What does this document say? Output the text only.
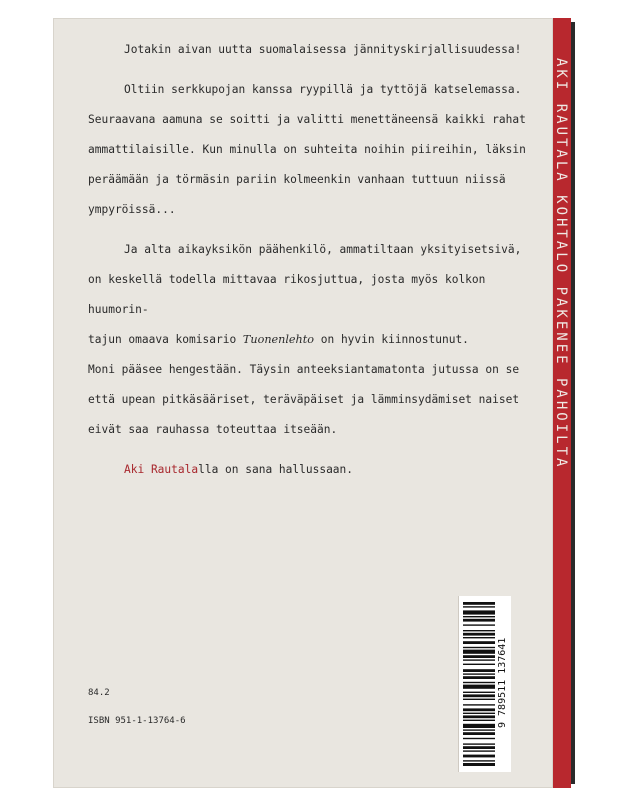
AKI RAUTALA KOHTALO PAKENEE PAHOILTA

Jotakin aivan uutta suomalaisessa jännityskirjallisuudessa!

Oltiin serkkupojan kanssa ryypillä ja tyttöjä katselemassa.
Seuraavana aamuna se soitti ja valitti menettäneensä kaikki rahat
ammattilaisille. Kun minulla on suhteita noihin piireihin, läksin
peräämään ja törmäsin pariin kolmeenkin vanhaan tuttuun niissä
ympyröissä...

Ja alta aikayksikön päähenkilö, ammatiltaan yksityisetsivä,
on keskellä todella mittavaa rikosjuttua, josta myös kolkon huumorin-
tajun omaava komisario Tuonenlehto on hyvin kiinnostunut.

Moni pääsee hengestään. Täysin anteeksiantamatonta jutussa on se
että upean pitkäsääriset, teräväpäiset ja lämminsydämiset naiset
eivät saa rauhassa toteuttaa itseään.

Aki Rautalalla on sana hallussaan.

9 789511 137641
84.2
ISBN 951-1-13764-6
